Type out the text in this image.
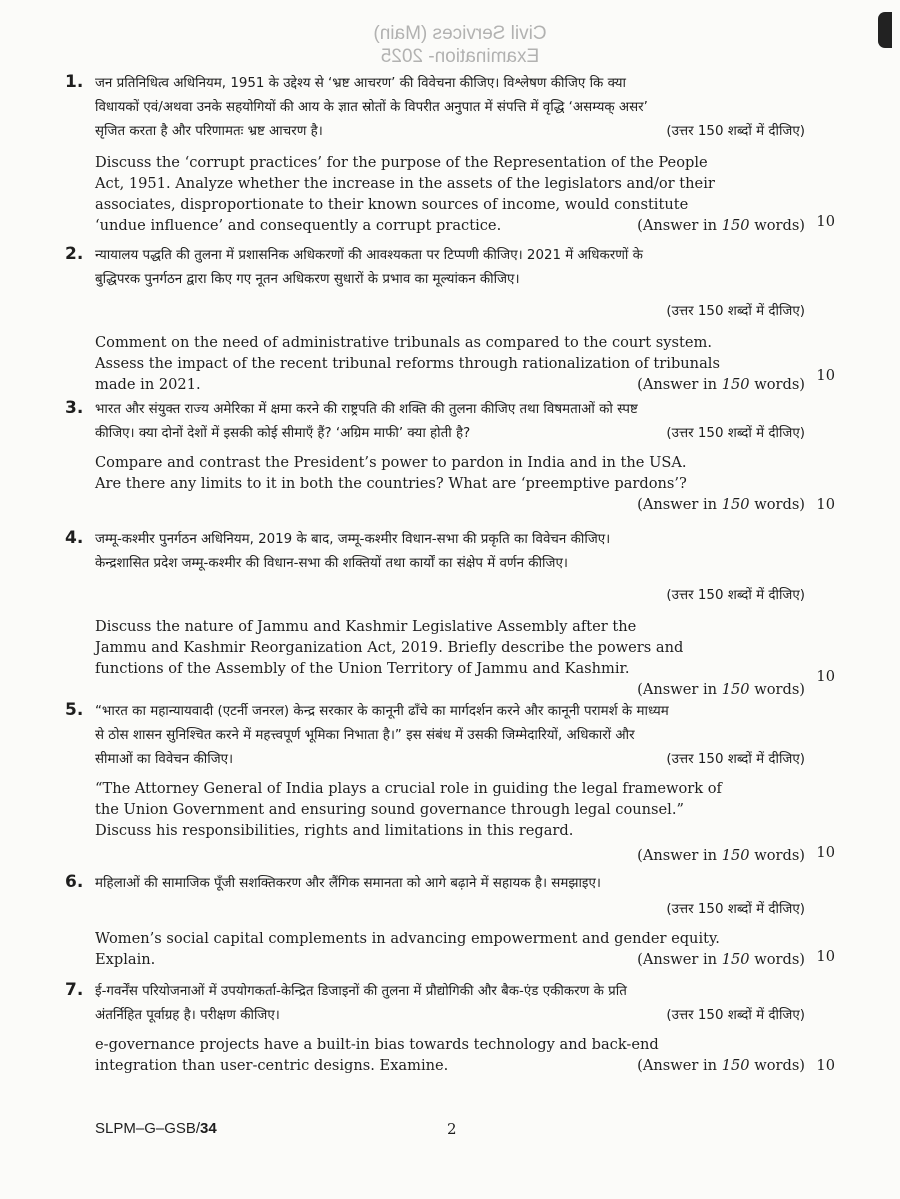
Civil Services (Main)
Examination- 2025
1. जन प्रतिनिधित्व अधिनियम, 1951 के उद्देश्य से ‘भ्रष्ट आचरण’ की विवेचना कीजिए। विश्लेषण कीजिए कि क्या
विधायकों एवं/अथवा उनके सहयोगियों की आय के ज्ञात स्रोतों के विपरीत अनुपात में संपत्ति में वृद्धि ‘असम्यक् असर’
सृजित करता है और परिणामतः भ्रष्ट आचरण है।	(उत्तर 150 शब्दों में दीजिए)
Discuss the ‘corrupt practices’ for the purpose of the Representation of the People
Act, 1951. Analyze whether the increase in the assets of the legislators and/or their
associates, disproportionate to their known sources of income, would constitute
‘undue influence’ and consequently a corrupt practice.	(Answer in 150 words) 10
2. न्यायालय पद्धति की तुलना में प्रशासनिक अधिकरणों की आवश्यकता पर टिप्पणी कीजिए। 2021 में अधिकरणों के
बुद्धिपरक पुनर्गठन द्वारा किए गए नूतन अधिकरण सुधारों के प्रभाव का मूल्यांकन कीजिए।
(उत्तर 150 शब्दों में दीजिए)
Comment on the need of administrative tribunals as compared to the court system.
Assess the impact of the recent tribunal reforms through rationalization of tribunals
made in 2021.	(Answer in 150 words)
10
3. भारत और संयुक्त राज्य अमेरिका में क्षमा करने की राष्ट्रपति की शक्ति की तुलना कीजिए तथा विषमताओं को स्पष्ट
कीजिए। क्या दोनों देशों में इसकी कोई सीमाएँ हैं? ‘अग्रिम माफी’ क्या होती है?	(उत्तर 150 शब्दों में दीजिए)
Compare and contrast the President’s power to pardon in India and in the USA.
Are there any limits to it in both the countries? What are ‘preemptive pardons’?
(Answer in 150 words) 10
4. जम्मू-कश्मीर पुनर्गठन अधिनियम, 2019 के बाद, जम्मू-कश्मीर विधान-सभा की प्रकृति का विवेचन कीजिए।
केन्द्रशासित प्रदेश जम्मू-कश्मीर की विधान-सभा की शक्तियों तथा कार्यों का संक्षेप में वर्णन कीजिए।
(उत्तर 150 शब्दों में दीजिए)
Discuss the nature of Jammu and Kashmir Legislative Assembly after the
Jammu and Kashmir Reorganization Act, 2019. Briefly describe the powers and
functions of the Assembly of the Union Territory of Jammu and Kashmir.
(Answer in 150 words)
10
5. “भारत का महान्यायवादी (एटर्नी जनरल) केन्द्र सरकार के कानूनी ढाँचे का मार्गदर्शन करने और कानूनी परामर्श के माध्यम
से ठोस शासन सुनिश्चित करने में महत्त्वपूर्ण भूमिका निभाता है।” इस संबंध में उसकी जिम्मेदारियों, अधिकारों और
सीमाओं का विवेचन कीजिए।	(उत्तर 150 शब्दों में दीजिए)
“The Attorney General of India plays a crucial role in guiding the legal framework of
the Union Government and ensuring sound governance through legal counsel.”
Discuss his responsibilities, rights and limitations in this regard.
(Answer in 150 words) 10
6. महिलाओं की सामाजिक पूँजी सशक्तिकरण और लैंगिक समानता को आगे बढ़ाने में सहायक है। समझाइए।
(उत्तर 150 शब्दों में दीजिए)
Women’s social capital complements in advancing empowerment and gender equity.
Explain.	(Answer in 150 words) 10
7. ई-गवर्नेंस परियोजनाओं में उपयोगकर्ता-केन्द्रित डिजाइनों की तुलना में प्रौद्योगिकी और बैक-एंड एकीकरण के प्रति
अंतर्निहित पूर्वाग्रह है। परीक्षण कीजिए।	(उत्तर 150 शब्दों में दीजिए)
e-governance projects have a built-in bias towards technology and back-end
integration than user-centric designs. Examine.	(Answer in 150 words) 10
SLPM–G–GSB/34	2
